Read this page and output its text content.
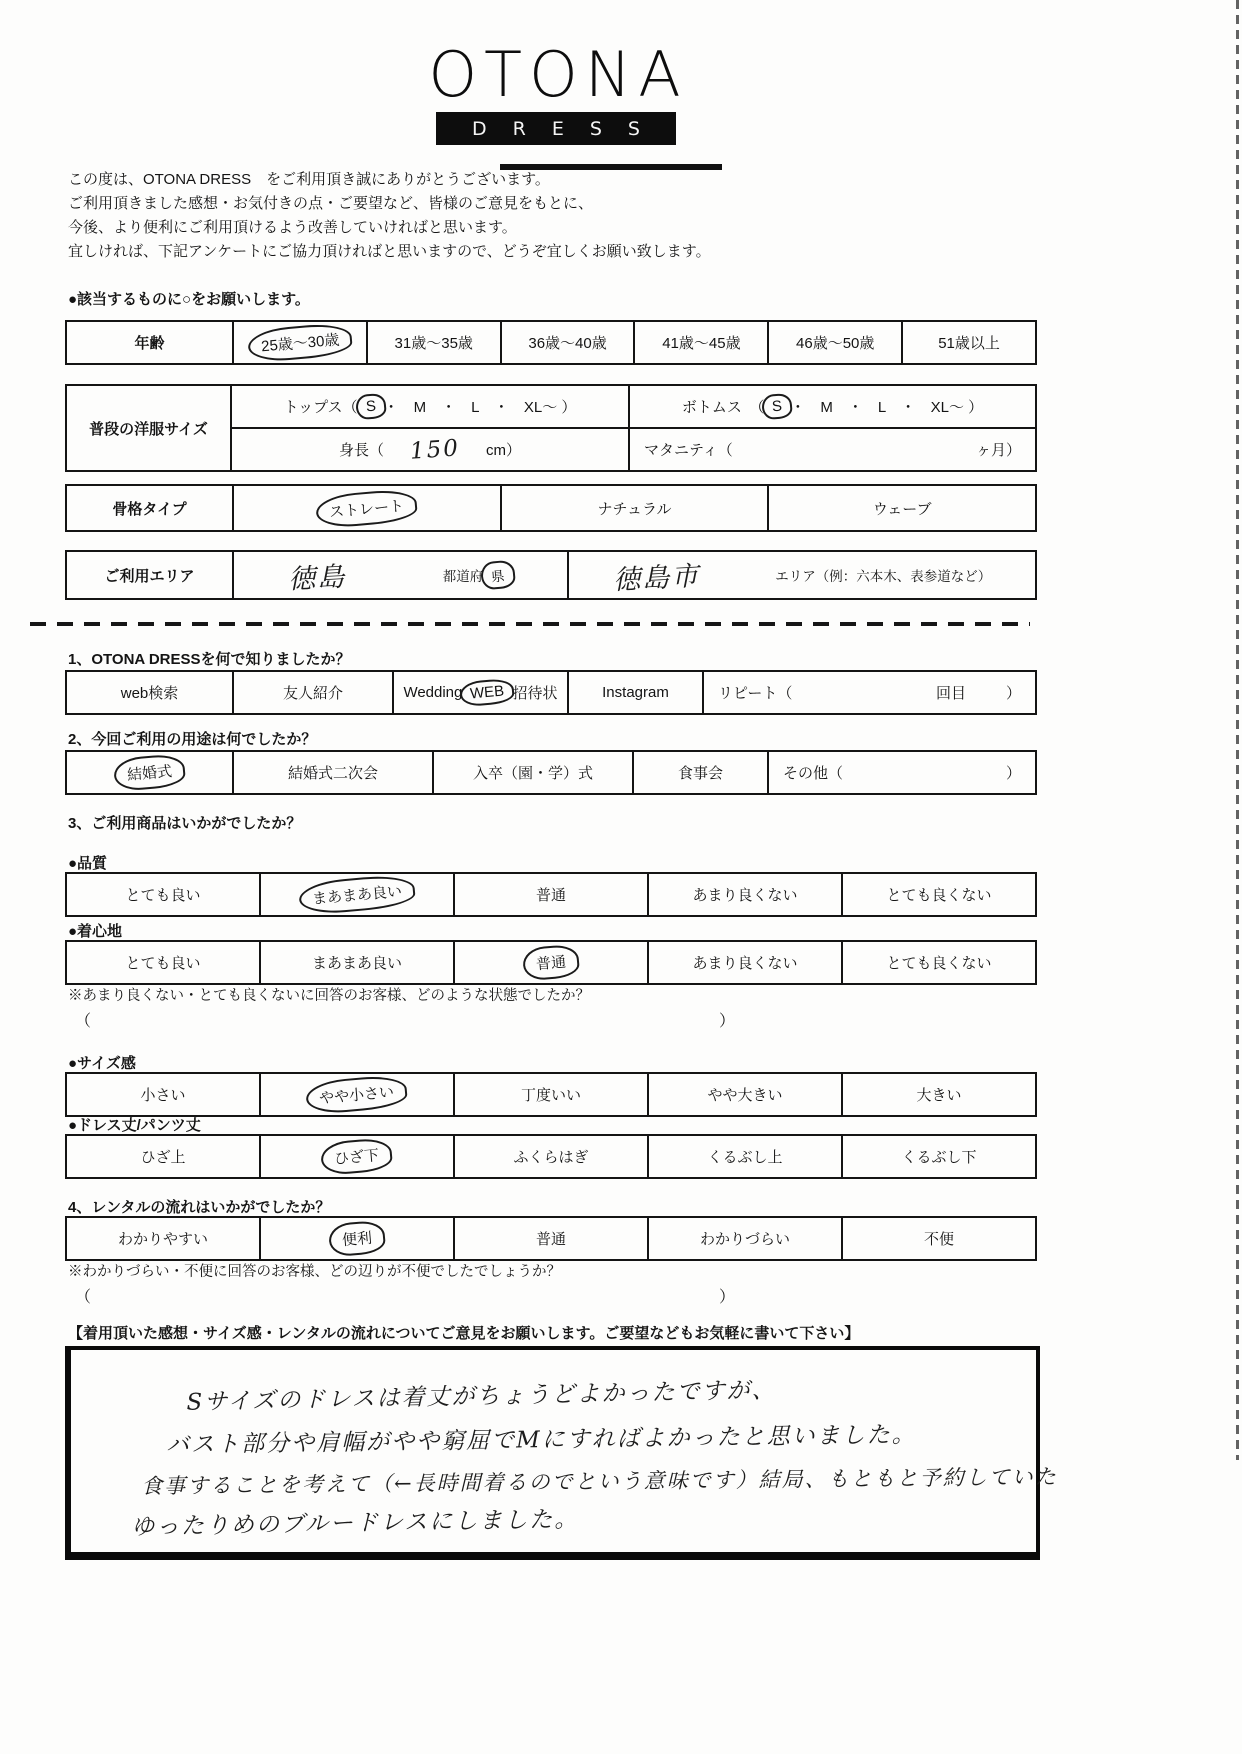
OTONA
DRESS
この度は、OTONA DRESS　をご利用頂き誠にありがとうございます。
ご利用頂きました感想・お気付きの点・ご要望など、皆様のご意見をもとに、
今後、より便利にご利用頂けるよう改善していければと思います。
宜しければ、下記アンケートにご協力頂ければと思いますので、どうぞ宜しくお願い致します。
●該当するものに○をお願いします。
年齢	25歳〜30歳	31歳〜35歳	36歳〜40歳	41歳〜45歳	46歳〜50歳	51歳以上
普段の洋服サイズ
トップス（ S ・　M　・　L　・　XL〜 ）	ボトムス　（ S ・　M　・　L　・　XL〜 ）
身長（ 150 cm）	マタニティ（	ヶ月）
骨格タイプ	ストレート	ナチュラル	ウェーブ
ご利用エリア	徳島	都道府 県	徳島市	エリア（例：六本木、表参道など）
1、OTONA DRESSを何で知りましたか？
web検索	友人紹介	Wedding WEB 招待状	Instagram	リピート（	回目	）
2、今回ご利用の用途は何でしたか？
結婚式	結婚式二次会	入卒（園・学）式	食事会	その他（	）
3、ご利用商品はいかがでしたか？
●品質
とても良い	まあまあ良い	普通	あまり良くない	とても良くない
●着心地
とても良い	まあまあ良い	普通	あまり良くない	とても良くない
※あまり良くない・とても良くないに回答のお客様、どのような状態でしたか？
（	）
●サイズ感
小さい	やや小さい	丁度いい	やや大きい	大きい
●ドレス丈/パンツ丈
ひざ上	ひざ下	ふくらはぎ	くるぶし上	くるぶし下
4、レンタルの流れはいかがでしたか？
わかりやすい	便利	普通	わかりづらい	不便
※わかりづらい・不便に回答のお客様、どの辺りが不便でしたでしょうか？
（	）
【着用頂いた感想・サイズ感・レンタルの流れについてご意見をお願いします。ご要望などもお気軽に書いて下さい】

Sサイズのドレスは着丈がちょうどよかったですが、

バスト部分や肩幅がやや窮屈でMにすればよかったと思いました。

食事することを考えて（←長時間着るのでという意味です）結局、もともと予約していた

ゆったりめのブルードレスにしました。
